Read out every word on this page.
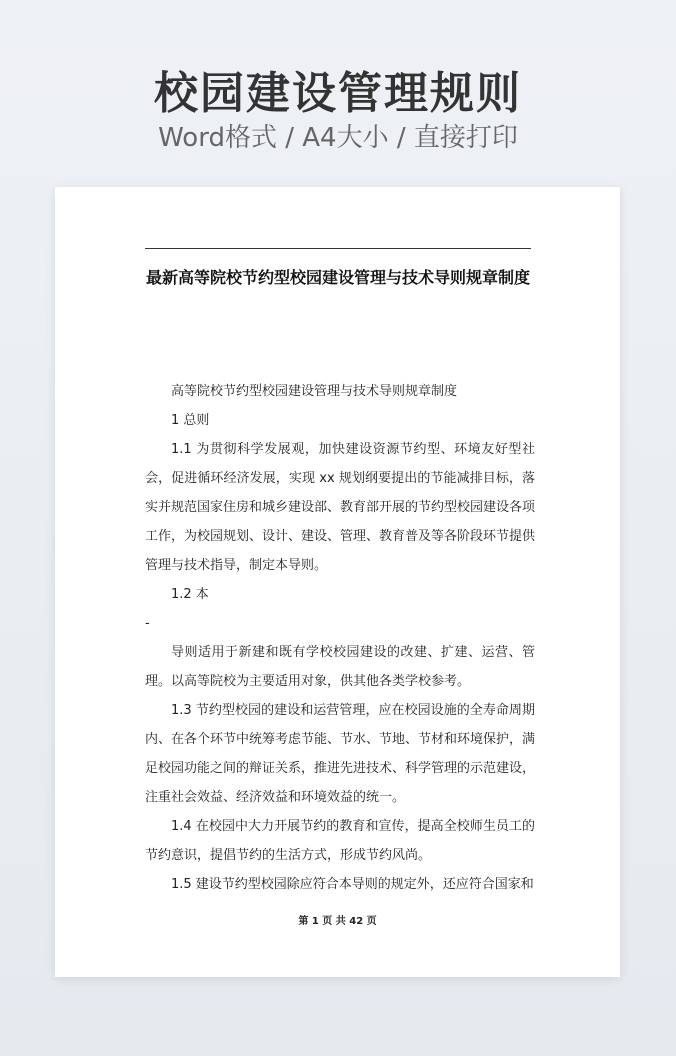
校园建设管理规则
Word格式 / A4大小 / 直接打印
最新高等院校节约型校园建设管理与技术导则规章制度

高等院校节约型校园建设管理与技术导则规章制度

1 总则

1.1 为贯彻科学发展观，加快建设资源节约型、环境友好型社会，促进循环经济发展，实现 xx 规划纲要提出的节能减排目标，落实并规范国家住房和城乡建设部、教育部开展的节约型校园建设各项工作，为校园规划、设计、建设、管理、教育普及等各阶段环节提供管理与技术指导，制定本导则。

1.2 本

-

导则适用于新建和既有学校校园建设的改建、扩建、运营、管理。以高等院校为主要适用对象，供其他各类学校参考。

1.3 节约型校园的建设和运营管理，应在校园设施的全寿命周期内、在各个环节中统筹考虑节能、节水、节地、节材和环境保护，满足校园功能之间的辩证关系，推进先进技术、科学管理的示范建设，注重社会效益、经济效益和环境效益的统一。

1.4 在校园中大力开展节约的教育和宣传，提高全校师生员工的节约意识，提倡节约的生活方式，形成节约风尚。

1.5 建设节约型校园除应符合本导则的规定外，还应符合国家和

第 1 页 共 42 页
